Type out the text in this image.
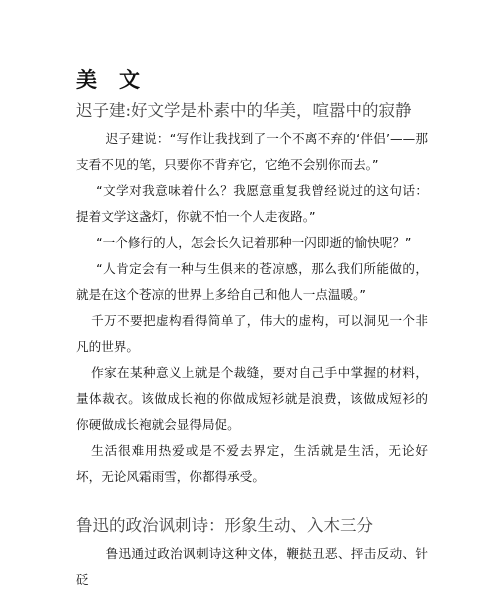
美文
迟子建:好文学是朴素中的华美，喧嚣中的寂静

迟子建说：“写作让我找到了一个不离不弃的‘伴侣’——那支看不见的笔，只要你不背弃它，它绝不会别你而去。”

“文学对我意味着什么？我愿意重复我曾经说过的这句话：提着文学这盏灯，你就不怕一个人走夜路。”

“一个修行的人，怎会长久记着那种一闪即逝的愉快呢？”

“人肯定会有一种与生俱来的苍凉感，那么我们所能做的，就是在这个苍凉的世界上多给自己和他人一点温暖。”

千万不要把虚构看得简单了，伟大的虚构，可以洞见一个非凡的世界。

作家在某种意义上就是个裁缝，要对自己手中掌握的材料，量体裁衣。该做成长袍的你做成短衫就是浪费，该做成短衫的你硬做成长袍就会显得局促。

生活很难用热爱或是不爱去界定，生活就是生活，无论好坏，无论风霜雨雪，你都得承受。

鲁迅的政治讽刺诗：形象生动、入木三分

鲁迅通过政治讽刺诗这种文体，鞭挞丑恶、抨击反动、针砭
